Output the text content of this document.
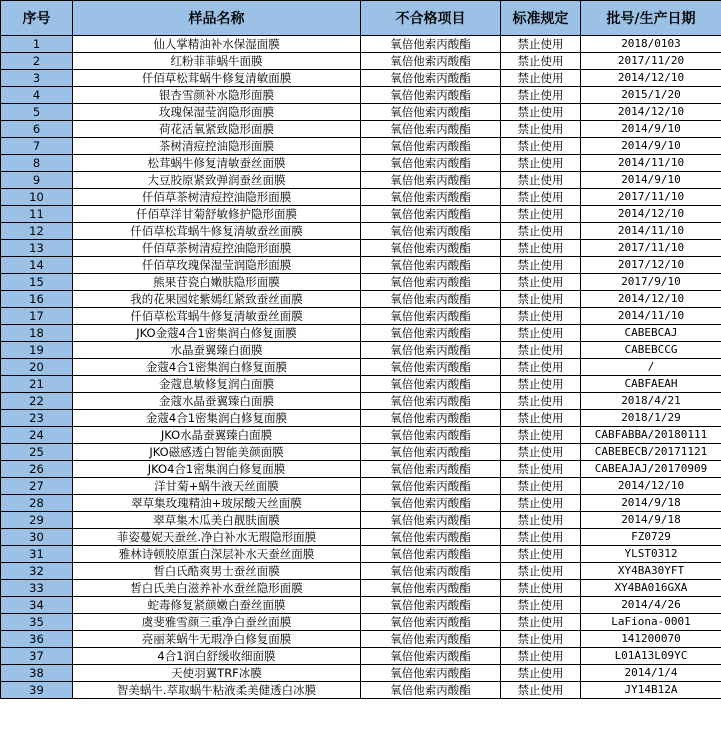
序号	样品名称	不合格项目	标准规定	批号/生产日期
1	仙人掌精油补水保湿面膜	氧倍他索丙酸酯	禁止使用	2018/0103
2	红粉菲菲蜗牛面膜	氧倍他索丙酸酯	禁止使用	2017/11/20
3	仟佰草松茸蜗牛修复清敏面膜	氧倍他索丙酸酯	禁止使用	2014/12/10
4	银杏雪颜补水隐形面膜	氧倍他索丙酸酯	禁止使用	2015/1/20
5	玫瑰保湿莹润隐形面膜	氧倍他索丙酸酯	禁止使用	2014/12/10
6	荷花活氧紧致隐形面膜	氧倍他索丙酸酯	禁止使用	2014/9/10
7	茶树清痘控油隐形面膜	氧倍他索丙酸酯	禁止使用	2014/9/10
8	松茸蜗牛修复清敏蚕丝面膜	氧倍他索丙酸酯	禁止使用	2014/11/10
9	大豆胶原紧致弹润蚕丝面膜	氧倍他索丙酸酯	禁止使用	2014/9/10
10	仟佰草茶树清痘控油隐形面膜	氧倍他索丙酸酯	禁止使用	2017/11/10
11	仟佰草洋甘菊舒敏修护隐形面膜	氧倍他索丙酸酯	禁止使用	2014/12/10
12	仟佰草松茸蜗牛修复清敏蚕丝面膜	氧倍他索丙酸酯	禁止使用	2014/11/10
13	仟佰草茶树清痘控油隐形面膜	氧倍他索丙酸酯	禁止使用	2017/11/10
14	仟佰草玫瑰保湿莹润隐形面膜	氧倍他索丙酸酯	禁止使用	2017/12/10
15	熊果苷瓷白嫩肤隐形面膜	氧倍他索丙酸酯	禁止使用	2017/9/10
16	我的花果园姹紫嫣红紧致蚕丝面膜	氧倍他索丙酸酯	禁止使用	2014/12/10
17	仟佰草松茸蜗牛修复清敏蚕丝面膜	氧倍他索丙酸酯	禁止使用	2014/11/10
18	JKO金蔻4合1密集润白修复面膜	氧倍他索丙酸酯	禁止使用	CABEBCAJ
19	水晶蚕翼臻白面膜	氧倍他索丙酸酯	禁止使用	CABEBCCG
20	金蔻4合1密集润白修复面膜	氧倍他索丙酸酯	禁止使用	/
21	金蔻息敏修复润白面膜	氧倍他索丙酸酯	禁止使用	CABFAEAH
22	金蔻水晶蚕翼臻白面膜	氧倍他索丙酸酯	禁止使用	2018/4/21
23	金蔻4合1密集润白修复面膜	氧倍他索丙酸酯	禁止使用	2018/1/29
24	JKO水晶蚕翼臻白面膜	氧倍他索丙酸酯	禁止使用	CABFABBA/20180111
25	JKO磁感透白智能美颜面膜	氧倍他索丙酸酯	禁止使用	CABEBECB/20171121
26	JKO4合1密集润白修复面膜	氧倍他索丙酸酯	禁止使用	CABEAJAJ/20170909
27	洋甘菊+蜗牛液天丝面膜	氧倍他索丙酸酯	禁止使用	2014/12/10
28	翠草集玫瑰精油+玻尿酸天丝面膜	氧倍他索丙酸酯	禁止使用	2014/9/18
29	翠草集木瓜美白靓肤面膜	氧倍他索丙酸酯	禁止使用	2014/9/18
30	菲姿蔓妮天蚕丝.净白补水无瑕隐形面膜	氧倍他索丙酸酯	禁止使用	FZ0729
31	雅林诗顿胶原蛋白深层补水天蚕丝面膜	氧倍他索丙酸酯	禁止使用	YLST0312
32	皙白氏酷爽男士蚕丝面膜	氧倍他索丙酸酯	禁止使用	XY4BA30YFT
33	皙白氏美白滋养补水蚕丝隐形面膜	氧倍他索丙酸酯	禁止使用	XY4BA016GXA
34	蛇毒修复紧颜嫩白蚕丝面膜	氧倍他索丙酸酯	禁止使用	2014/4/26
35	虞斐雅雪颜三重净白蚕丝面膜	氧倍他索丙酸酯	禁止使用	LaFiona-0001
36	亮丽莱蜗牛无瑕净白修复面膜	氧倍他索丙酸酯	禁止使用	141200070
37	4合1润白舒缓收细面膜	氧倍他索丙酸酯	禁止使用	L01A13L09YC
38	天使羽翼TRF冰膜	氧倍他索丙酸酯	禁止使用	2014/1/4
39	智美蜗牛.萃取蜗牛粘液柔美健透白冰膜	氧倍他索丙酸酯	禁止使用	JY14B12A
